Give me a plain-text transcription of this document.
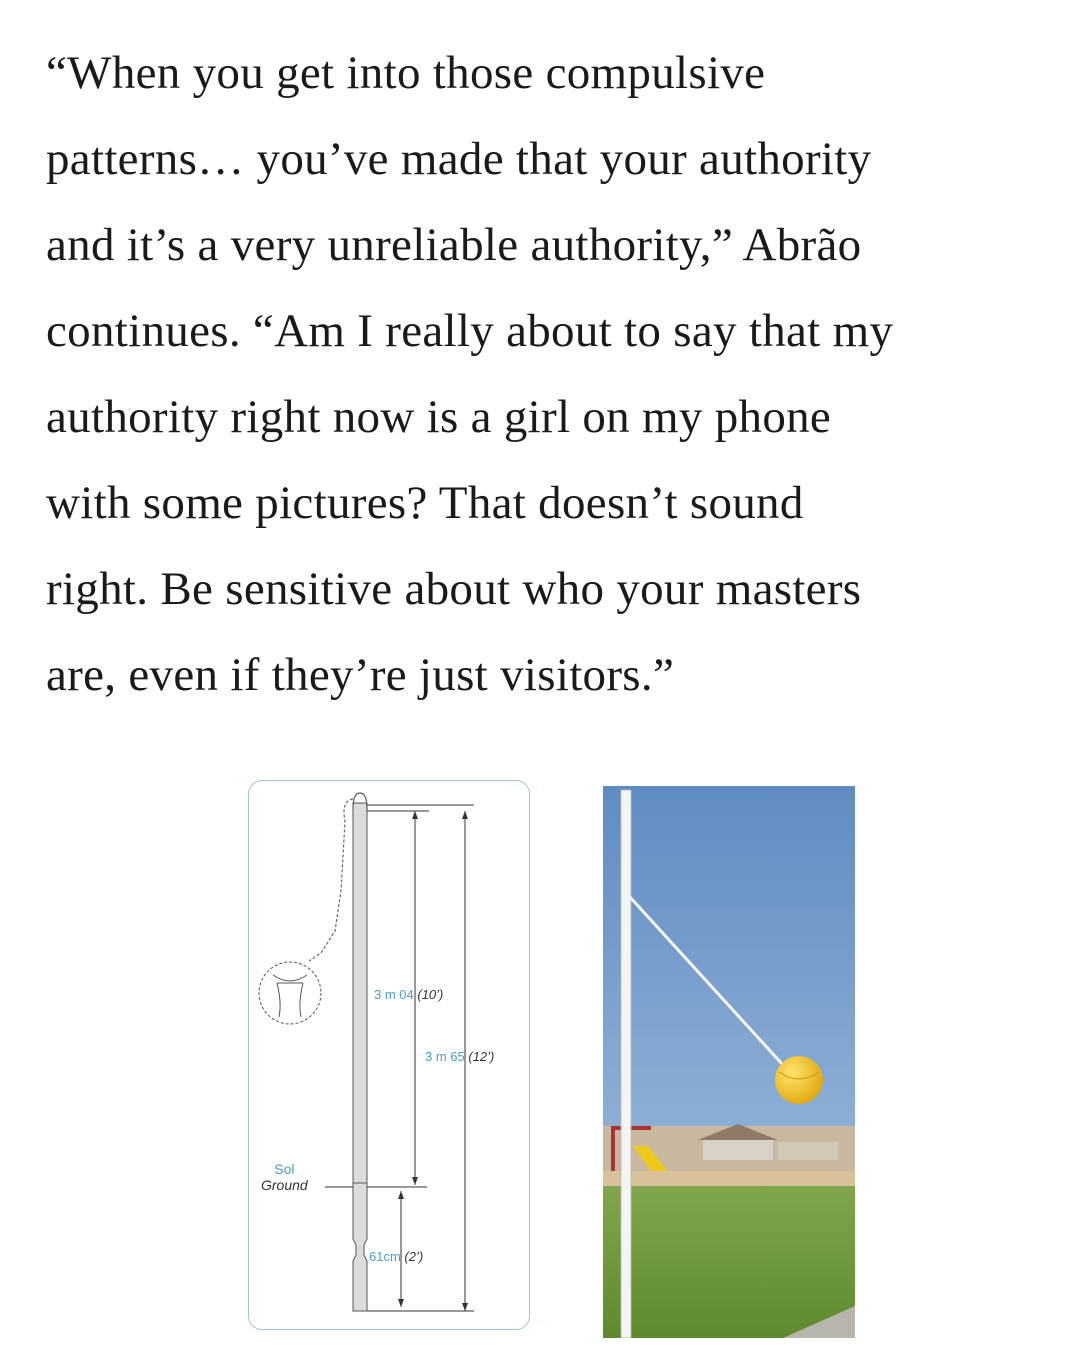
“When you get into those compulsive
patterns… you’ve made that your authority
and it’s a very unreliable authority,” Abrão
continues. “Am I really about to say that my
authority right now is a girl on my phone
with some pictures? That doesn’t sound
right. Be sensitive about who your masters
are, even if they’re just visitors.”
3 m 04 (10’)
3 m 65 (12’)
61cm (2’)
Sol
Ground
